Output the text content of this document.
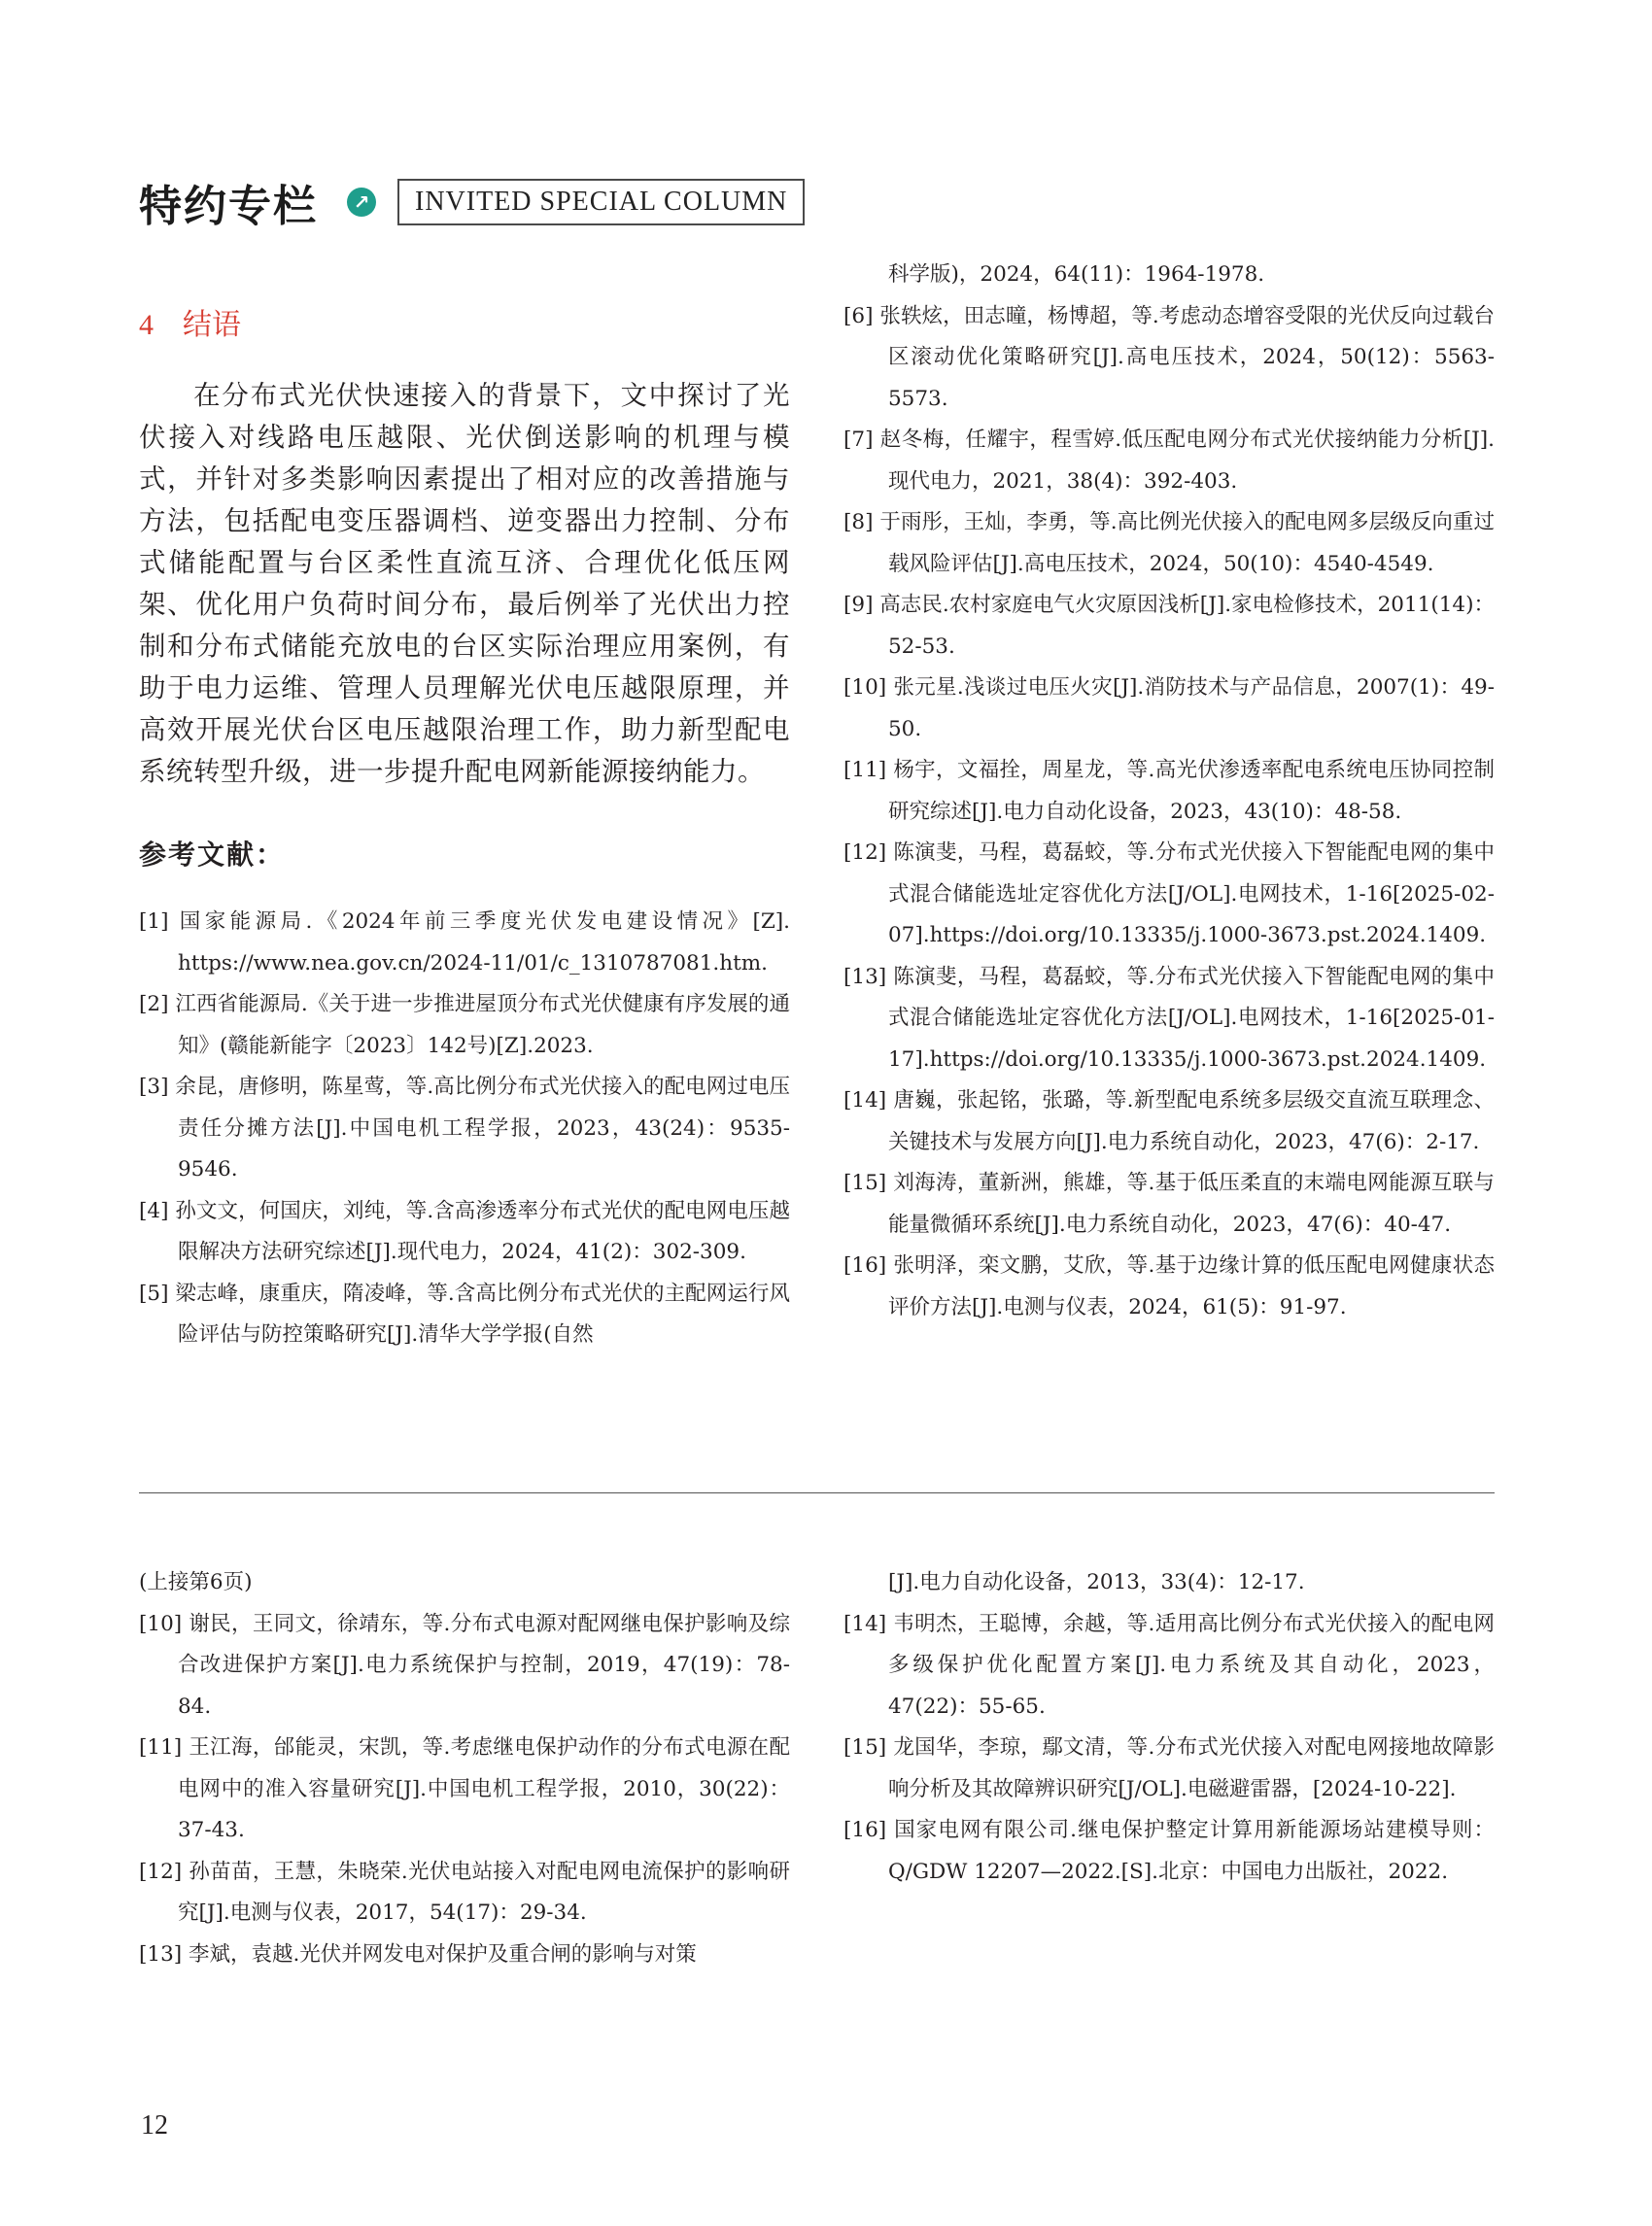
特约专栏
↗	INVITED SPECIAL COLUMN
4 结语

在分布式光伏快速接入的背景下，文中探讨了光伏接入对线路电压越限、光伏倒送影响的机理与模式，并针对多类影响因素提出了相对应的改善措施与方法，包括配电变压器调档、逆变器出力控制、分布式储能配置与台区柔性直流互济、合理优化低压网架、优化用户负荷时间分布，最后例举了光伏出力控制和分布式储能充放电的台区实际治理应用案例，有助于电力运维、管理人员理解光伏电压越限原理，并高效开展光伏台区电压越限治理工作，助力新型配电系统转型升级，进一步提升配电网新能源接纳能力。

参考文献：

[1] 国家能源局.《2024年前三季度光伏发电建设情况》[Z]. https://www.nea.gov.cn/2024-11/01/c_1310787081.htm.

[2] 江西省能源局.《关于进一步推进屋顶分布式光伏健康有序发展的通知》(赣能新能字〔2023〕142号)[Z].2023.

[3] 余昆，唐修明，陈星莺，等.高比例分布式光伏接入的配电网过电压责任分摊方法[J].中国电机工程学报，2023，43(24)：9535-9546.

[4] 孙文文，何国庆，刘纯，等.含高渗透率分布式光伏的配电网电压越限解决方法研究综述[J].现代电力，2024，41(2)：302-309.

[5] 梁志峰，康重庆，隋凌峰，等.含高比例分布式光伏的主配网运行风险评估与防控策略研究[J].清华大学学报(自然

科学版)，2024，64(11)：1964-1978.

[6] 张轶炫，田志曈，杨博超，等.考虑动态增容受限的光伏反向过载台区滚动优化策略研究[J].高电压技术，2024，50(12)：5563-5573.

[7] 赵冬梅，任耀宇，程雪婷.低压配电网分布式光伏接纳能力分析[J].现代电力，2021，38(4)：392-403.

[8] 于雨彤，王灿，李勇，等.高比例光伏接入的配电网多层级反向重过载风险评估[J].高电压技术，2024，50(10)：4540-4549.

[9] 高志民.农村家庭电气火灾原因浅析[J].家电检修技术，2011(14)：52-53.

[10] 张元星.浅谈过电压火灾[J].消防技术与产品信息，2007(1)：49-50.

[11] 杨宇，文福拴，周星龙，等.高光伏渗透率配电系统电压协同控制研究综述[J].电力自动化设备，2023，43(10)：48-58.

[12] 陈演斐，马程，葛磊蛟，等.分布式光伏接入下智能配电网的集中式混合储能选址定容优化方法[J/OL].电网技术，1-16[2025-02-07].https://doi.org/10.13335/j.1000-3673.pst.2024.1409.

[13] 陈演斐，马程，葛磊蛟，等.分布式光伏接入下智能配电网的集中式混合储能选址定容优化方法[J/OL].电网技术，1-16[2025-01-17].https://doi.org/10.13335/j.1000-3673.pst.2024.1409.

[14] 唐巍，张起铭，张璐，等.新型配电系统多层级交直流互联理念、关键技术与发展方向[J].电力系统自动化，2023，47(6)：2-17.

[15] 刘海涛，董新洲，熊雄，等.基于低压柔直的末端电网能源互联与能量微循环系统[J].电力系统自动化，2023，47(6)：40-47.

[16] 张明泽，栾文鹏，艾欣，等.基于边缘计算的低压配电网健康状态评价方法[J].电测与仪表，2024，61(5)：91-97.

(上接第6页)

[10] 谢民，王同文，徐靖东，等.分布式电源对配网继电保护影响及综合改进保护方案[J].电力系统保护与控制，2019，47(19)：78-84.

[11] 王江海，邰能灵，宋凯，等.考虑继电保护动作的分布式电源在配电网中的准入容量研究[J].中国电机工程学报，2010，30(22)：37-43.

[12] 孙苗苗，王慧，朱晓荣.光伏电站接入对配电网电流保护的影响研究[J].电测与仪表，2017，54(17)：29-34.

[13] 李斌，袁越.光伏并网发电对保护及重合闸的影响与对策

[J].电力自动化设备，2013，33(4)：12-17.

[14] 韦明杰，王聪博，余越，等.适用高比例分布式光伏接入的配电网多级保护优化配置方案[J].电力系统及其自动化，2023，47(22)：55-65.

[15] 龙国华，李琼，鄢文清，等.分布式光伏接入对配电网接地故障影响分析及其故障辨识研究[J/OL].电磁避雷器，[2024-10-22].

[16] 国家电网有限公司.继电保护整定计算用新能源场站建模导则：Q/GDW 12207—2022.[S].北京：中国电力出版社，2022.

12
